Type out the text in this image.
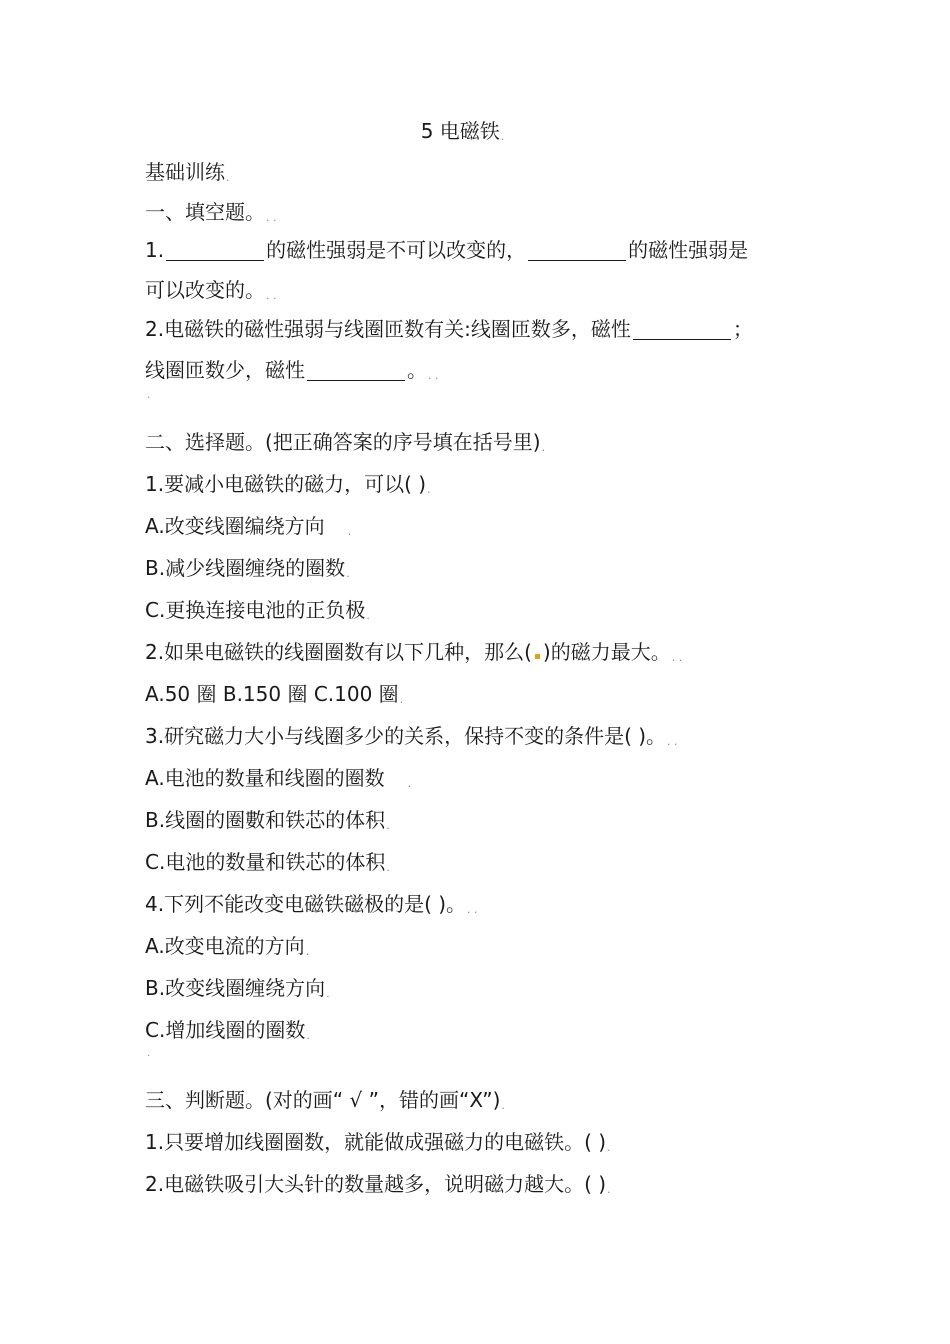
5 电磁铁.
基础训练.
一、填空题。. .
1.	的磁性强弱是不可以改变的，	的磁性强弱是
可以改变的。. .
2.电磁铁的磁性强弱与线圈匝数有关:线圈匝数多，磁性	；
线圈匝数少，磁性	。. .
.
二、选择题。(把正确答案的序号填在括号里).
1.要减小电磁铁的磁力，可以( ).
A.改变线圈编绕方向 .
B.减少线圈缠绕的圈数.
C.更换连接电池的正负极.
2.如果电磁铁的线圈圈数有以下几种，那么( )的磁力最大。. .
A.50 圈 B.150 圈 C.100 圈.
3.研究磁力大小与线圈多少的关系，保持不变的条件是( )。. .
A.电池的数量和线圈的圈数 .
B.线圈的圈數和铁芯的体积.
C.电池的数量和铁芯的体积.
4.下列不能改变电磁铁磁极的是( )。. .
A.改变电流的方向.
B.改变线圈缠绕方向.
C.增加线圈的圈数.
.
三、判断题。(对的画“ √ ”，错的画“X”).
1.只要增加线圈圈数，就能做成强磁力的电磁铁。( ).
2.电磁铁吸引大头针的数量越多，说明磁力越大。( ).
